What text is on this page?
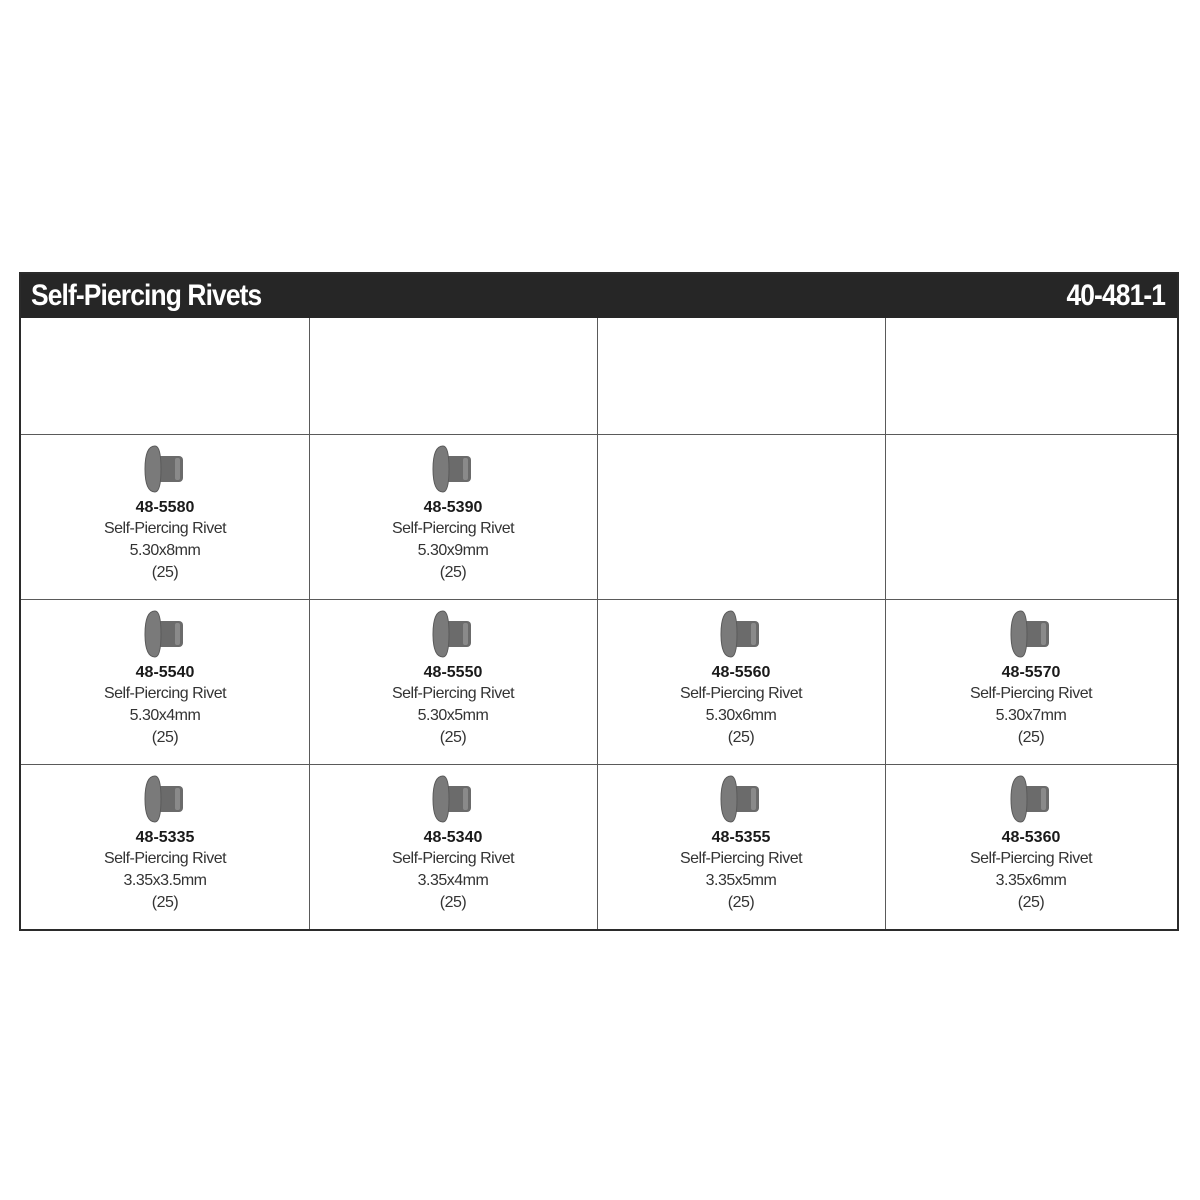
Self-Piercing Rivets	40-481-1
48-5580
Self-Piercing Rivet
5.30x8mm
(25)
48-5390
Self-Piercing Rivet
5.30x9mm
(25)
48-5540
Self-Piercing Rivet
5.30x4mm
(25)
48-5550
Self-Piercing Rivet
5.30x5mm
(25)
48-5560
Self-Piercing Rivet
5.30x6mm
(25)
48-5570
Self-Piercing Rivet
5.30x7mm
(25)
48-5335
Self-Piercing Rivet
3.35x3.5mm
(25)
48-5340
Self-Piercing Rivet
3.35x4mm
(25)
48-5355
Self-Piercing Rivet
3.35x5mm
(25)
48-5360
Self-Piercing Rivet
3.35x6mm
(25)
